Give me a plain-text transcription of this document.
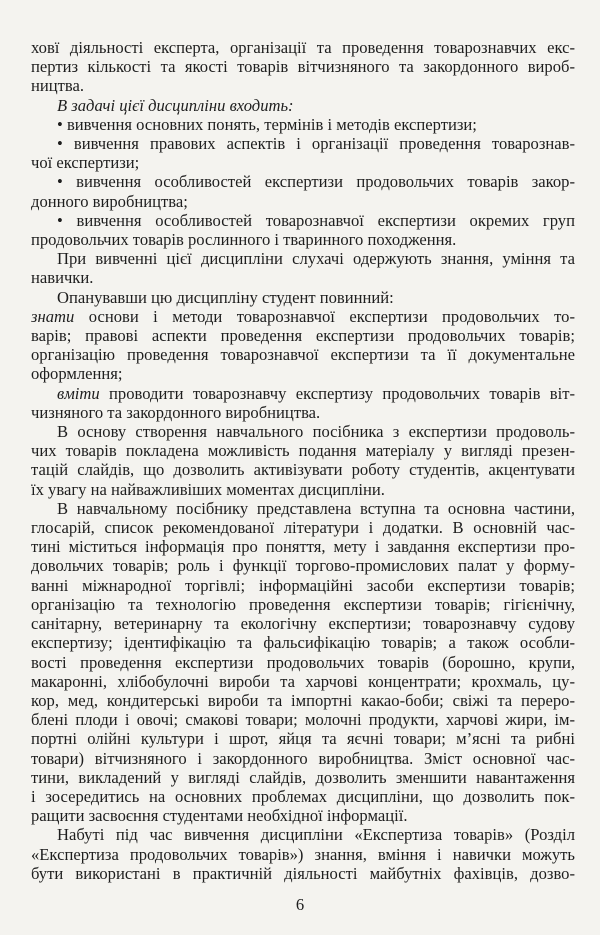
ховї діяльності експерта, організації та проведення товарознавчих екс-
пертиз кількості та якості товарів вітчизняного та закордонного вироб-
ництва.

В задачі цієї дисципліни входить:

• вивчення основних понять, термінів і методів експертизи;

• вивчення правових аспектів і організації проведення товарознав-
чої експертизи;

• вивчення особливостей експертизи продовольчих товарів закор-
донного виробництва;

• вивчення особливостей товарознавчої експертизи окремих груп
продовольчих товарів рослинного і тваринного походження.

При вивченні цієї дисципліни слухачі одержують знання, уміння та
навички.

Опанувавши цю дисципліну студент повинний:
знати основи і методи товарознавчої експертизи продовольчих то-
варів; правові аспекти проведення експертизи продовольчих товарів;
організацію проведення товарознавчої експертизи та її документальне
оформлення;
вміти проводити товарознавчу експертизу продовольчих товарів віт-
чизняного та закордонного виробництва.

В основу створення навчального посібника з експертизи продоволь-
чих товарів покладена можливість подання матеріалу у вигляді презен-
тацій слайдів, що дозволить активізувати роботу студентів, акцентувати
їх увагу на найважливіших моментах дисципліни.

В навчальному посібнику представлена вступна та основна частини,
глосарій, список рекомендованої літератури і додатки. В основній час-
тині міститься інформація про поняття, мету і завдання експертизи про-
довольчих товарів; роль і функції торгово-промислових палат у форму-
ванні міжнародної торгівлі; інформаційні засоби експертизи товарів;
організацію та технологію проведення експертизи товарів; гігієнічну,
санітарну, ветеринарну та екологічну експертизи; товарознавчу судову
експертизу; ідентифікацію та фальсифікацію товарів; а також особли-
вості проведення експертизи продовольчих товарів (борошно, крупи,
макаронні, хлібобулочні вироби та харчові концентрати; крохмаль, цу-
кор, мед, кондитерські вироби та імпортні какао-боби; свіжі та переро-
блені плоди і овочі; смакові товари; молочні продукти, харчові жири, ім-
портні олійні культури і шрот, яйця та яєчні товари; м’ясні та рибні
товари) вітчизняного і закордонного виробництва. Зміст основної час-
тини, викладений у вигляді слайдів, дозволить зменшити навантаження
і зосередитись на основних проблемах дисципліни, що дозволить пок-
ращити засвоєння студентами необхідної інформації.

Набуті під час вивчення дисципліни «Експертиза товарів» (Розділ
«Експертиза продовольчих товарів») знання, вміння і навички можуть
бути використані в практичній діяльності майбутніх фахівців, дозво-

6
